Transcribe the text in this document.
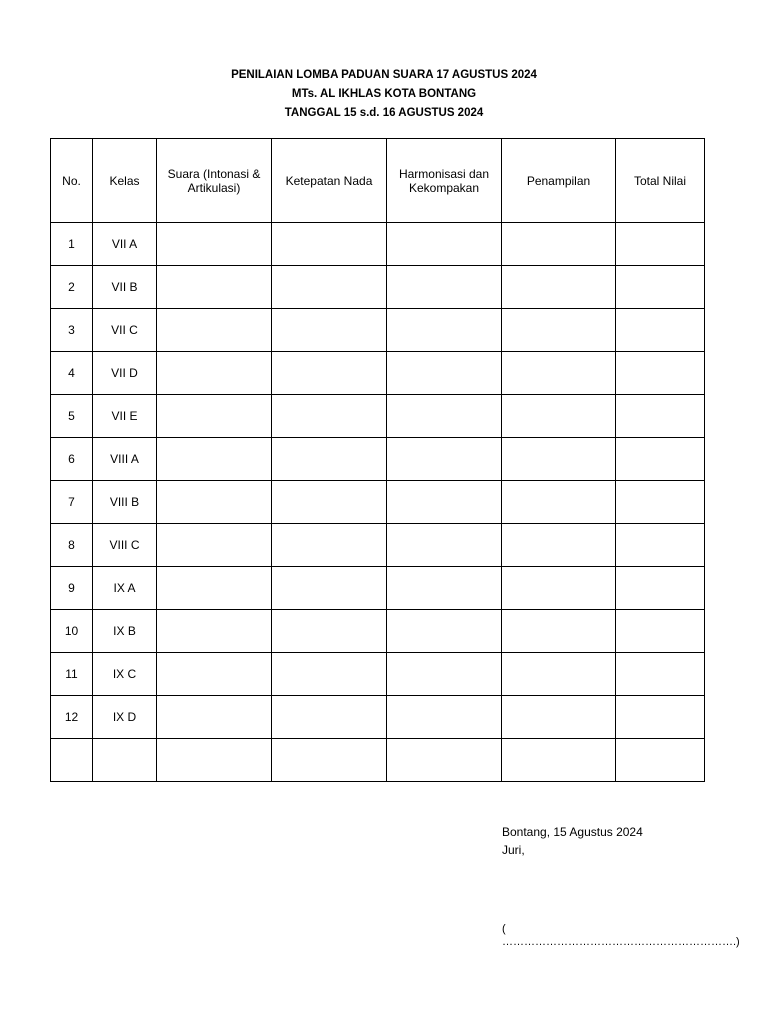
PENILAIAN LOMBA PADUAN SUARA 17 AGUSTUS 2024
MTs. AL IKHLAS KOTA BONTANG
TANGGAL 15 s.d. 16 AGUSTUS 2024
No.	Kelas	Suara (Intonasi & Artikulasi)	Ketepatan Nada	Harmonisasi dan Kekompakan	Penampilan	Total Nilai
1	VII A					
2	VII B					
3	VII C					
4	VII D					
5	VII E					
6	VIII A					
7	VIII B					
8	VIII C					
9	IX A					
10	IX B					
11	IX C					
12	IX D					

Bontang, 15 Agustus 2024
Juri,
( ……………………………………………………….)
